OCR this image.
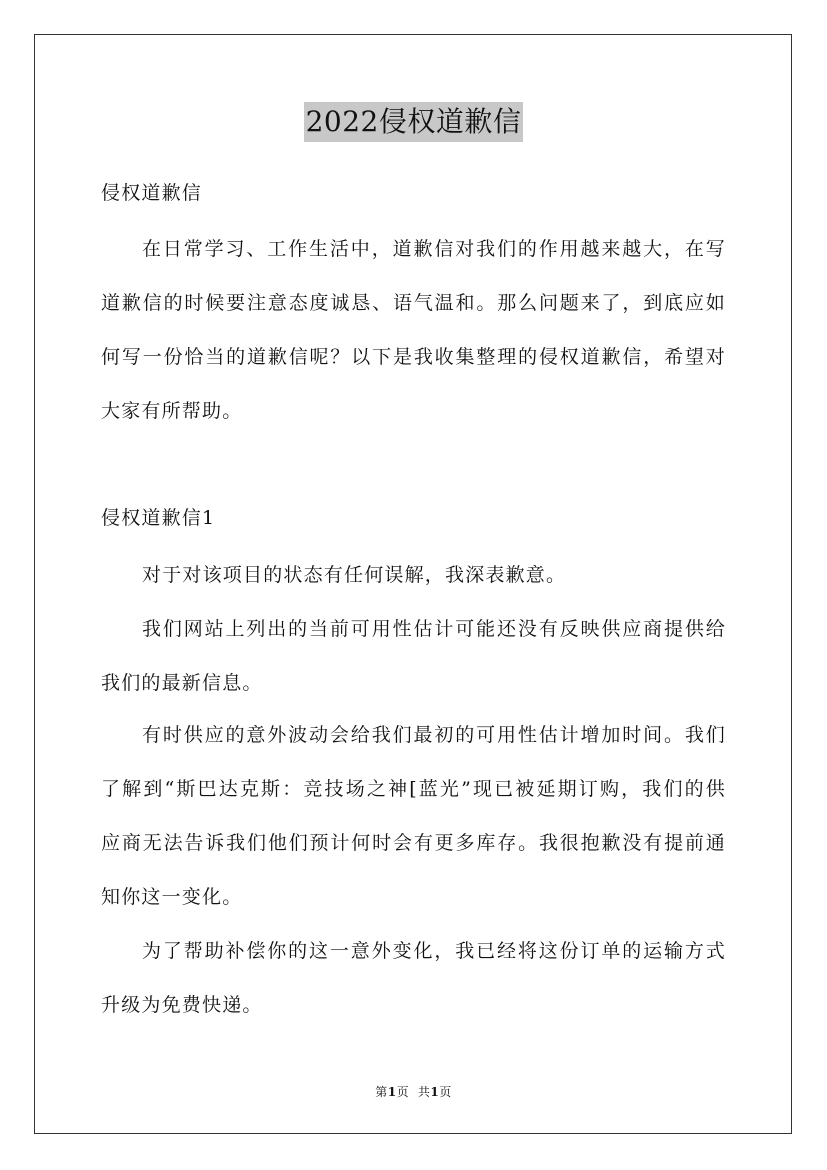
2022侵权道歉信
侵权道歉信
在日常学习、工作生活中，道歉信对我们的作用越来越大，在写
道歉信的时候要注意态度诚恳、语气温和。那么问题来了，到底应如
何写一份恰当的道歉信呢？以下是我收集整理的侵权道歉信，希望对
大家有所帮助。
侵权道歉信1
对于对该项目的状态有任何误解，我深表歉意。
我们网站上列出的当前可用性估计可能还没有反映供应商提供给
我们的最新信息。
有时供应的意外波动会给我们最初的可用性估计增加时间。我们
了解到“斯巴达克斯：竞技场之神[蓝光”现已被延期订购，我们的供
应商无法告诉我们他们预计何时会有更多库存。我很抱歉没有提前通
知你这一变化。
为了帮助补偿你的这一意外变化，我已经将这份订单的运输方式
升级为免费快递。
第1页 共1页
